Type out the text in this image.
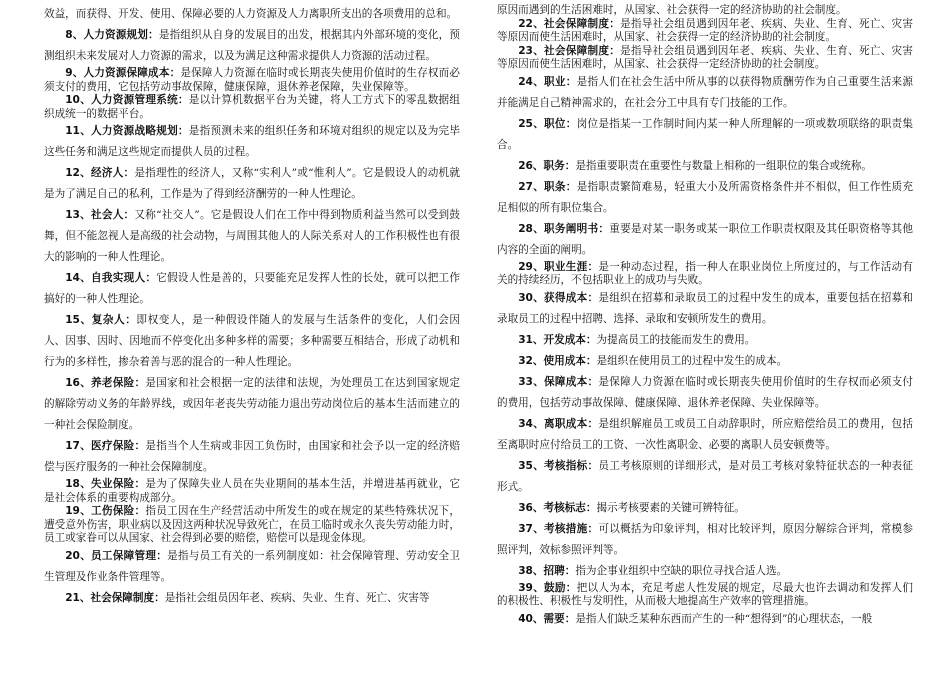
效益，而获得、开发、使用、保障必要的人力资源及人力离职所支出的各项费用的总和。

8、人力资源规划：是指组织从自身的发展目的出发，根据其内外部环境的变化，预测组织未来发展对人力资源的需求，以及为满足这种需求提供人力资源的活动过程。

9、人力资源保障成本：是保障人力资源在临时或长期丧失使用价值时的生存权而必须支付的费用，它包括劳动事故保障，健康保障，退休养老保障，失业保障等。

10、人力资源管理系统：是以计算机数据平台为关键，将人工方式下的零乱数据组织成统一的数据平台。

11、人力资源战略规划：是指预测未来的组织任务和环境对组织的规定以及为完毕这些任务和满足这些规定而提供人员的过程。

12、经济人：是指理性的经济人，又称“实利人”或“惟利人”。它是假设人的动机就是为了满足自己的私利，工作是为了得到经济酬劳的一种人性理论。

13、社会人：又称“社交人”。它是假设人们在工作中得到物质利益当然可以受到鼓舞，但不能忽视人是高级的社会动物，与周围其他人的人际关系对人的工作积极性也有很大的影响的一种人性理论。

14、自我实现人：它假设人性是善的，只要能充足发挥人性的长处，就可以把工作搞好的一种人性理论。

15、复杂人：即权变人，是一种假设伴随人的发展与生活条件的变化，人们会因人、因事、因时、因地而不停变化出多种多样的需要；多种需要互相结合，形成了动机和行为的多样性，掺杂着善与恶的混合的一种人性理论。

16、养老保险：是国家和社会根据一定的法律和法规，为处理员工在达到国家规定的解除劳动义务的年龄界线，或因年老丧失劳动能力退出劳动岗位后的基本生活而建立的一种社会保险制度。

17、医疗保险：是指当个人生病或非因工负伤时，由国家和社会予以一定的经济赔偿与医疗服务的一种社会保障制度。

18、失业保险：是为了保障失业人员在失业期间的基本生活，并增进基再就业，它是社会体系的重要构成部分。

19、工伤保险：指员工因在生产经营活动中所发生的或在规定的某些特殊状况下，遭受意外伤害，职业病以及因这两种状况导致死亡，在员工临时或永久丧失劳动能力时，员工或家眷可以从国家、社会得到必要的赔偿，赔偿可以是现金体现。

20、员工保障管理：是指与员工有关的一系列制度如：社会保障管理、劳动安全卫生管理及作业条件管理等。

21、社会保障制度：是指社会组员因年老、疾病、失业、生育、死亡、灾害等

原因而遇到的生活困难时，从国家、社会获得一定的经济协助的社会制度。

22、社会保障制度：是指导社会组员遇到因年老、疾病、失业、生育、死亡、灾害等原因而使生活困难时，从国家、社会获得一定的经济协助的社会制度。

23、社会保障制度：是指导社会组员遇到因年老、疾病、失业、生育、死亡、灾害等原因而使生活困难时，从国家、社会获得一定经济协助的社会制度。

24、职业：是指人们在社会生活中所从事的以获得物质酬劳作为自己重要生活来源并能满足自己精神需求的，在社会分工中具有专门技能的工作。

25、职位：岗位是指某一工作制时间内某一种人所理解的一项或数项联络的职责集合。

26、职务：是指重要职责在重要性与数量上相称的一组职位的集合或统称。

27、职条：是指职责繁简难易，轻重大小及所需资格条件并不相似，但工作性质充足相似的所有职位集合。

28、职务阐明书：重要是对某一职务或某一职位工作职责权限及其任职资格等其他内容的全面的阐明。

29、职业生涯：是一种动态过程，指一种人在职业岗位上所度过的，与工作活动有关的持续经历，不包括职业上的成功与失败。

30、获得成本：是组织在招募和录取员工的过程中发生的成本，重要包括在招募和录取员工的过程中招聘、选择、录取和安顿所发生的费用。

31、开发成本：为提高员工的技能而发生的费用。

32、使用成本：是组织在使用员工的过程中发生的成本。

33、保障成本：是保障人力资源在临时或长期丧失使用价值时的生存权而必须支付的费用，包括劳动事故保障、健康保障、退休养老保障、失业保障等。

34、离职成本：是组织解雇员工或员工自动辞职时，所应赔偿给员工的费用，包括至离职时应付给员工的工资、一次性离职金、必要的离职人员安顿费等。

35、考核指标：员工考核原则的详细形式，是对员工考核对象特征状态的一种表征形式。

36、考核标志：揭示考核要素的关键可辨特征。

37、考核措施：可以概括为印象评判，相对比较评判，原因分解综合评判，常模参照评判，效标参照评判等。

38、招聘：指为企事业组织中空缺的职位寻找合适人选。

39、鼓励：把以人为本，充足考虑人性发展的规定，尽最大也许去调动和发挥人们的积极性、积极性与发明性，从而极大地提高生产效率的管理措施。

40、需要：是指人们缺乏某种东西而产生的一种“想得到”的心理状态，一般
